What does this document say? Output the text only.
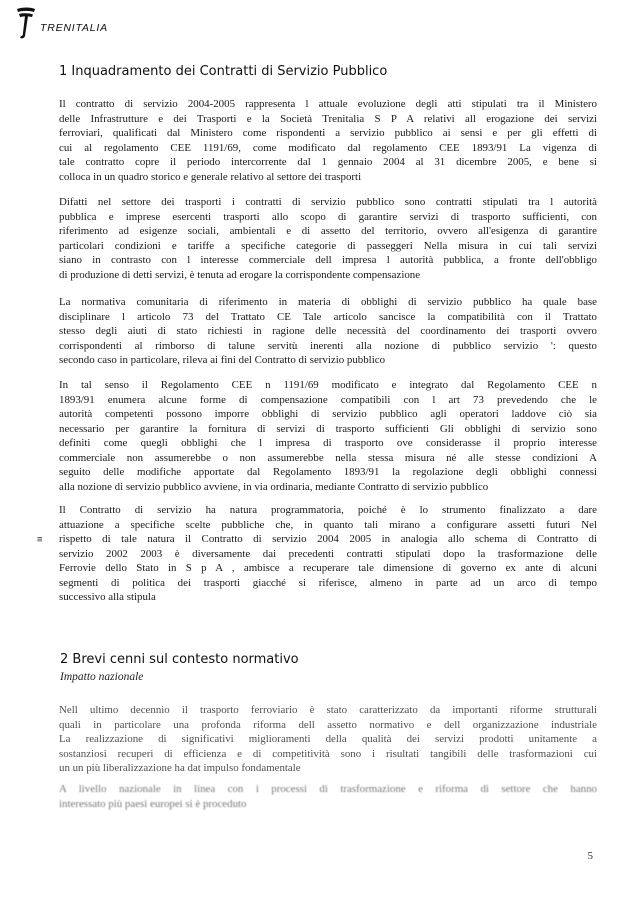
TRENITALIA
1 Inquadramento dei Contratti di Servizio Pubblico
Il contratto di servizio 2004-2005 rappresenta l attuale evoluzione degli atti stipulati tra il Ministero
delle Infrastrutture e dei Trasporti e la Società Trenitalia S P A relativi all erogazione dei servizi
ferroviari, qualificati dal Ministero come rispondenti a servizio pubblico ai sensi e per gli effetti di
cui al regolamento CEE 1191/69, come modificato dal regolamento CEE 1893/91 La vigenza di
tale contratto copre il periodo intercorrente dal 1 gennaio 2004 al 31 dicembre 2005, e bene si
colloca in un quadro storico e generale relativo al settore dei trasporti
Difatti nel settore dei trasporti i contratti di servizio pubblico sono contratti stipulati tra l autorità
pubblica e imprese esercenti trasporti allo scopo di garantire servizi di trasporto sufficienti, con
riferimento ad esigenze sociali, ambientali e di assetto del territorio, ovvero all'esigenza di garantire
particolari condizioni e tariffe a specifiche categorie di passeggeri Nella misura in cui tali servizi
siano in contrasto con l interesse commerciale dell impresa l autorità pubblica, a fronte dell'obbligo
di produzione di detti servizi, è tenuta ad erogare la corrispondente compensazione
La normativa comunitaria di riferimento in materia di obblighi di servizio pubblico ha quale base
disciplinare l articolo 73 del Trattato CE Tale articolo sancisce la compatibilità con il Trattato
stesso degli aiuti di stato richiesti in ragione delle necessità del coordinamento dei trasporti ovvero
corrispondenti al rimborso di talune servitù inerenti alla nozione di pubblico servizio ': questo
secondo caso in particolare, rileva ai fini del Contratto di servizio pubblico
In tal senso il Regolamento CEE n 1191/69 modificato e integrato dal Regolamento CEE n
1893/91 enumera alcune forme di compensazione compatibili con l art 73 prevedendo che le
autorità competenti possono imporre obblighi di servizio pubblico agli operatori laddove ciò sia
necessario per garantire la fornitura di servizi di trasporto sufficienti Gli obblighi di servizio sono
definiti come quegli obblighi che l impresa di trasporto ove considerasse il proprio interesse
commerciale non assumerebbe o non assumerebbe nella stessa misura né alle stesse condizioni A
seguito delle modifiche apportate dal Regolamento 1893/91 la regolazione degli obblighi connessi
alla nozione di servizio pubblico avviene, in via ordinaria, mediante Contratto di servizio pubblico
≡
Il Contratto di servizio ha natura programmatoria, poiché è lo strumento finalizzato a dare
attuazione a specifiche scelte pubbliche che, in quanto tali mirano a configurare assetti futuri Nel
rispetto di tale natura il Contratto di servizio 2004 2005 in analogia allo schema di Contratto di
servizio 2002 2003 è diversamente dai precedenti contratti stipulati dopo la trasformazione delle
Ferrovie dello Stato in S p A , ambisce a recuperare tale dimensione di governo ex ante di alcuni
segmenti di politica dei trasporti giacché si riferisce, almeno in parte ad un arco di tempo
successivo alla stipula
2 Brevi cenni sul contesto normativo
Impatto nazionale
Nell ultimo decennio il trasporto ferroviario è stato caratterizzato da importanti riforme strutturali
quali in particolare una profonda riforma dell assetto normativo e dell organizzazione industriale
La realizzazione di significativi miglioramenti della qualità dei servizi prodotti unitamente a
sostanziosi recuperi di efficienza e di competitività sono i risultati tangibili delle trasformazioni cui
un un più liberalizzazione ha dat impulso fondamentale
A livello nazionale in linea con i processi di trasformazione e riforma di settore che hanno
interessato più paesi europei si è proceduto
5
